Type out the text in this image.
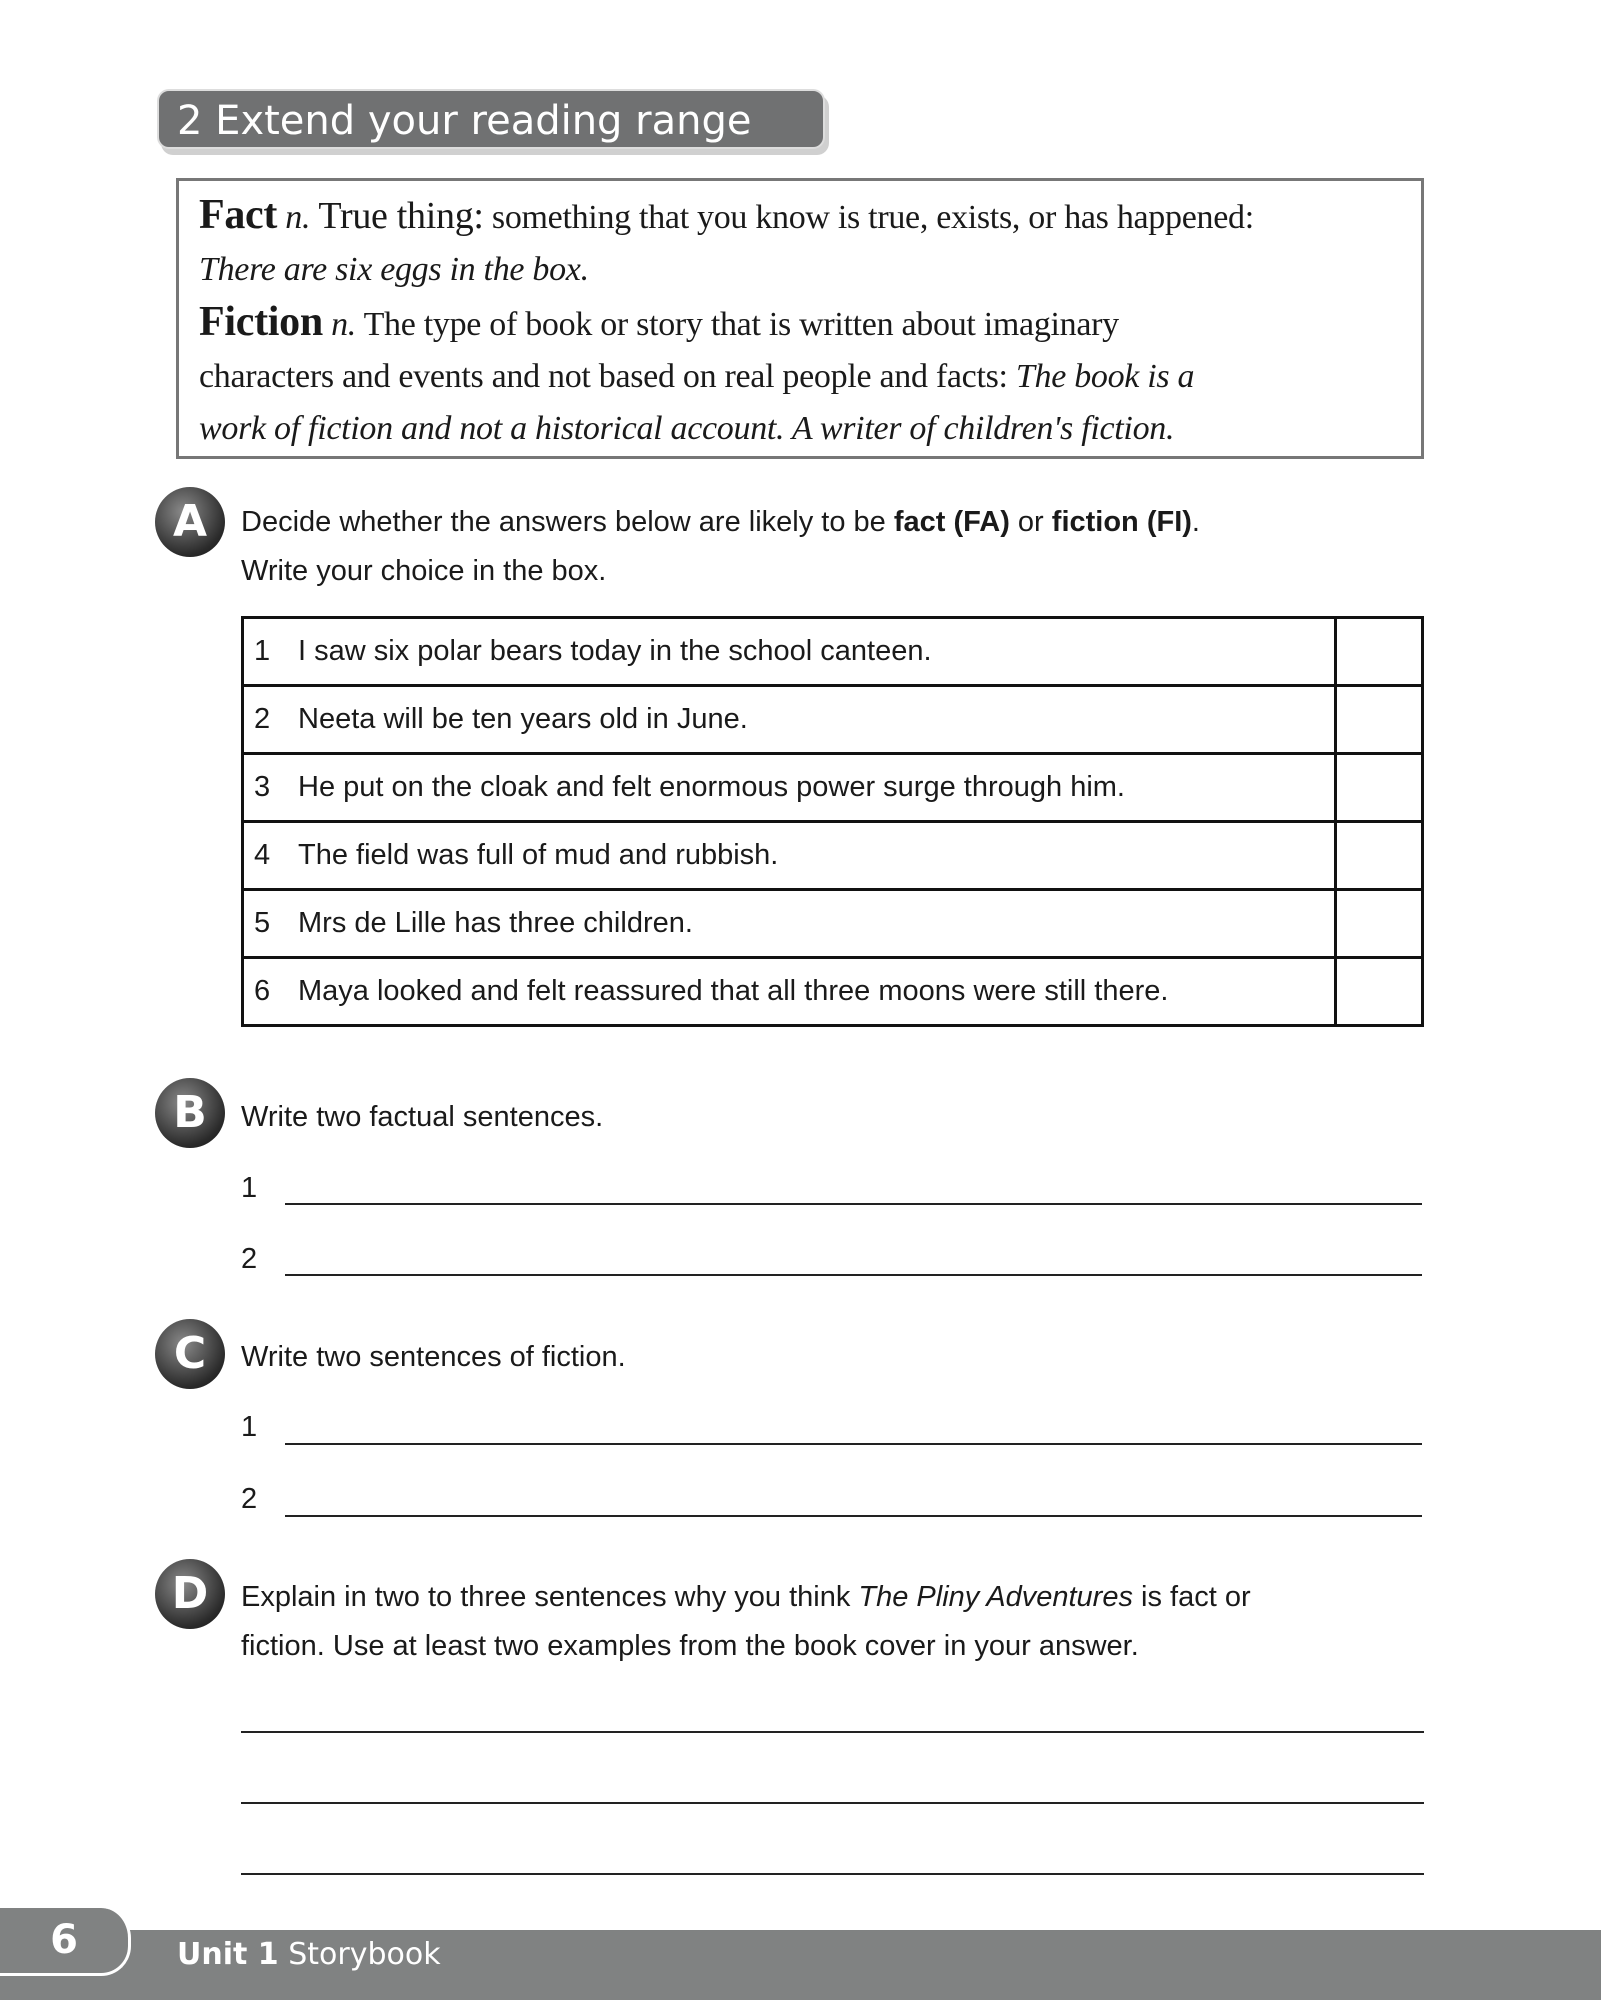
2 Extend your reading range
Fact n. True thing: something that you know is true, exists, or has happened:
There are six eggs in the box.
Fiction n. The type of book or story that is written about imaginary
characters and events and not based on real people and facts: The book is a
work of fiction and not a historical account. A writer of children's fiction.
A	Decide whether the answers below are likely to be fact (FA) or fiction (FI).
Write your choice in the box.
1 I saw six polar bears today in the school canteen.	
2 Neeta will be ten years old in June.	
3 He put on the cloak and felt enormous power surge through him.	
4 The field was full of mud and rubbish.	
5 Mrs de Lille has three children.	
6 Maya looked and felt reassured that all three moons were still there.	
B	Write two factual sentences.
1
2
C	Write two sentences of fiction.
1
2
D	Explain in two to three sentences why you think The Pliny Adventures is fact or
fiction. Use at least two examples from the book cover in your answer.
6	Unit 1 Storybook
